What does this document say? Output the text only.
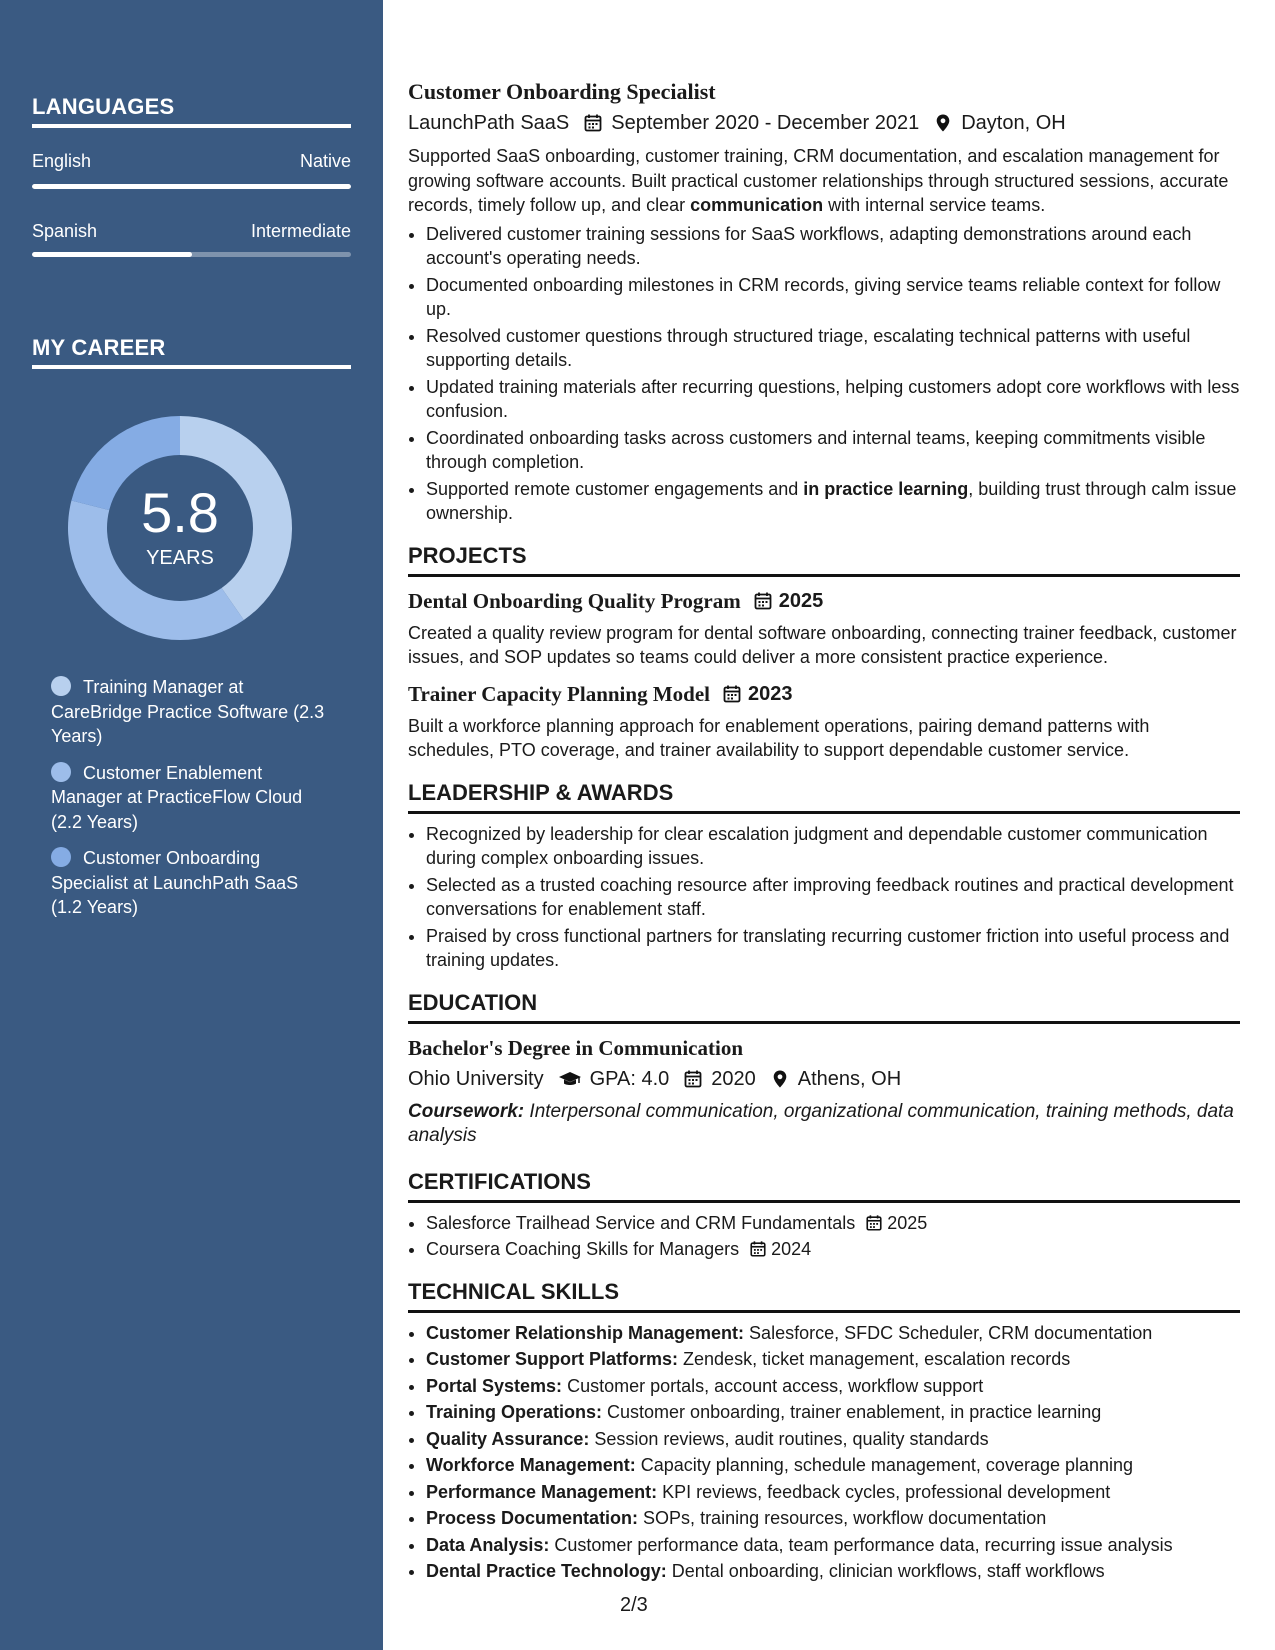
LANGUAGES
English	Native
Spanish	Intermediate
MY CAREER
5.8
YEARS
Training Manager at CareBridge Practice Software (2.3 Years)
Customer Enablement Manager at PracticeFlow Cloud (2.2 Years)
Customer Onboarding Specialist at LaunchPath SaaS (1.2 Years)
Customer Onboarding Specialist
LaunchPath SaaS September 2020 - December 2021 Dayton, OH

Supported SaaS onboarding, customer training, CRM documentation, and escalation management for growing software accounts. Built practical customer relationships through structured sessions, accurate records, timely follow up, and clear communication with internal service teams.

• Delivered customer training sessions for SaaS workflows, adapting demonstrations around each account's operating needs.
• Documented onboarding milestones in CRM records, giving service teams reliable context for follow up.
• Resolved customer questions through structured triage, escalating technical patterns with useful supporting details.
• Updated training materials after recurring questions, helping customers adopt core workflows with less confusion.
• Coordinated onboarding tasks across customers and internal teams, keeping commitments visible through completion.
• Supported remote customer engagements and in practice learning, building trust through calm issue ownership.
PROJECTS
Dental Onboarding Quality Program 2025

Created a quality review program for dental software onboarding, connecting trainer feedback, customer issues, and SOP updates so teams could deliver a more consistent practice experience.

Trainer Capacity Planning Model 2023

Built a workforce planning approach for enablement operations, pairing demand patterns with schedules, PTO coverage, and trainer availability to support dependable customer service.

LEADERSHIP & AWARDS
• Recognized by leadership for clear escalation judgment and dependable customer communication during complex onboarding issues.
• Selected as a trusted coaching resource after improving feedback routines and practical development conversations for enablement staff.
• Praised by cross functional partners for translating recurring customer friction into useful process and training updates.
EDUCATION
Bachelor's Degree in Communication
Ohio University GPA: 4.0 2020 Athens, OH
Coursework: Interpersonal communication, organizational communication, training methods, data analysis
CERTIFICATIONS
• Salesforce Trailhead Service and CRM Fundamentals 2025
• Coursera Coaching Skills for Managers 2024
TECHNICAL SKILLS
• Customer Relationship Management: Salesforce, SFDC Scheduler, CRM documentation
• Customer Support Platforms: Zendesk, ticket management, escalation records
• Portal Systems: Customer portals, account access, workflow support
• Training Operations: Customer onboarding, trainer enablement, in practice learning
• Quality Assurance: Session reviews, audit routines, quality standards
• Workforce Management: Capacity planning, schedule management, coverage planning
• Performance Management: KPI reviews, feedback cycles, professional development
• Process Documentation: SOPs, training resources, workflow documentation
• Data Analysis: Customer performance data, team performance data, recurring issue analysis
• Dental Practice Technology: Dental onboarding, clinician workflows, staff workflows
2/3
